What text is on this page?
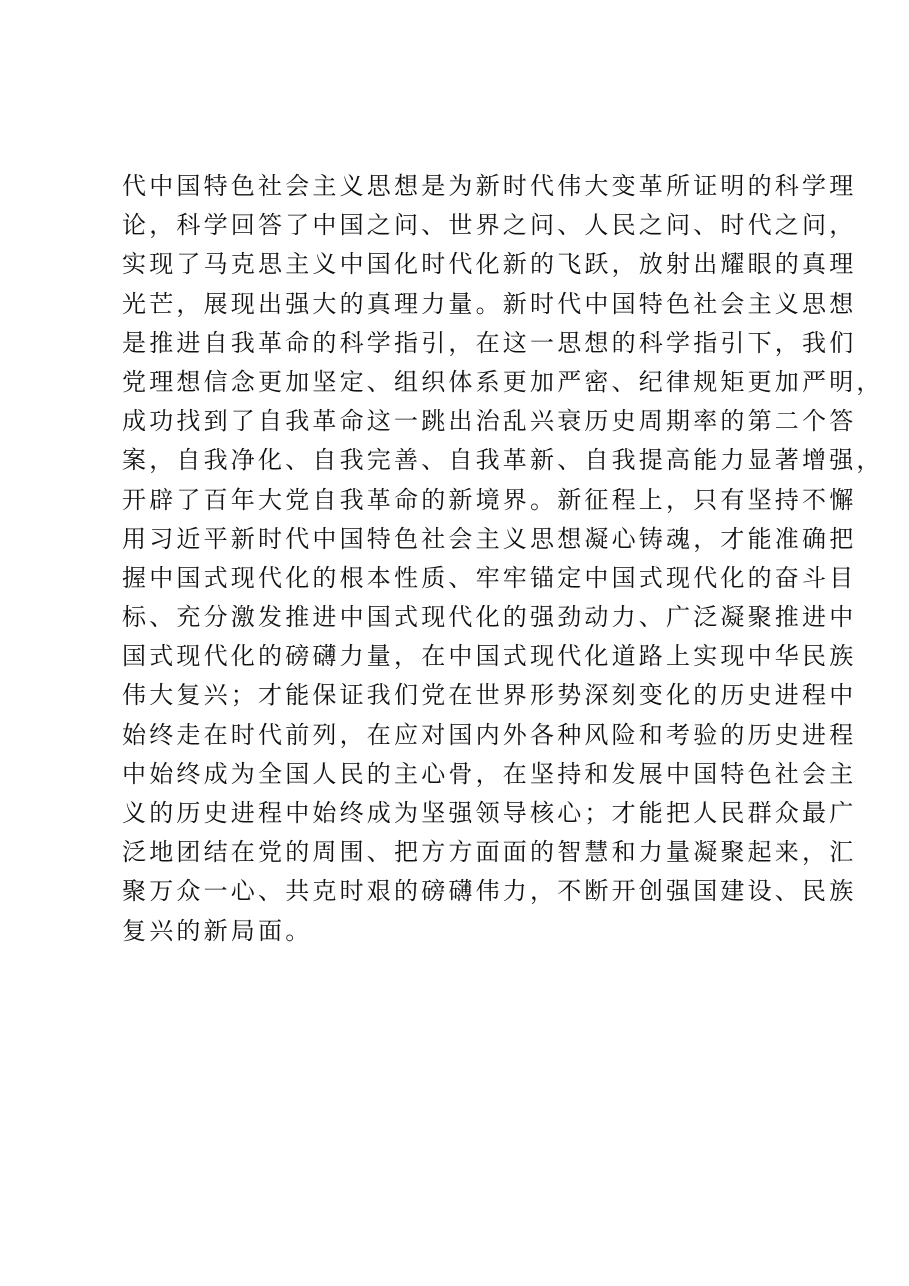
代中国特色社会主义思想是为新时代伟大变革所证明的科学理
论，科学回答了中国之问、世界之问、人民之问、时代之问，
实现了马克思主义中国化时代化新的飞跃，放射出耀眼的真理
光芒，展现出强大的真理力量。新时代中国特色社会主义思想
是推进自我革命的科学指引，在这一思想的科学指引下，我们
党理想信念更加坚定、组织体系更加严密、纪律规矩更加严明，
成功找到了自我革命这一跳出治乱兴衰历史周期率的第二个答
案，自我净化、自我完善、自我革新、自我提高能力显著增强，
开辟了百年大党自我革命的新境界。新征程上，只有坚持不懈
用习近平新时代中国特色社会主义思想凝心铸魂，才能准确把
握中国式现代化的根本性质、牢牢锚定中国式现代化的奋斗目
标、充分激发推进中国式现代化的强劲动力、广泛凝聚推进中
国式现代化的磅礴力量，在中国式现代化道路上实现中华民族
伟大复兴；才能保证我们党在世界形势深刻变化的历史进程中
始终走在时代前列，在应对国内外各种风险和考验的历史进程
中始终成为全国人民的主心骨，在坚持和发展中国特色社会主
义的历史进程中始终成为坚强领导核心；才能把人民群众最广
泛地团结在党的周围、把方方面面的智慧和力量凝聚起来，汇
聚万众一心、共克时艰的磅礴伟力，不断开创强国建设、民族
复兴的新局面。
